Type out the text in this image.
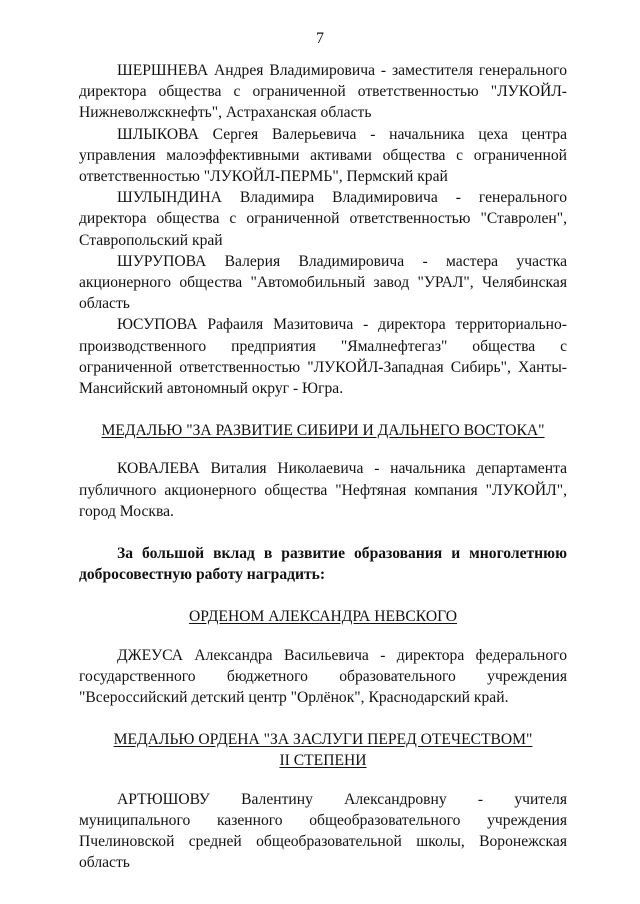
7

ШЕРШНЕВА Андрея Владимировича - заместителя генерального директора общества с ограниченной ответственностью "ЛУКОЙЛ-Нижневолжскнефть", Астраханская область

ШЛЫКОВА Сергея Валерьевича - начальника цеха центра управления малоэффективными активами общества с ограниченной ответственностью "ЛУКОЙЛ-ПЕРМЬ", Пермский край

ШУЛЫНДИНА Владимира Владимировича - генерального директора общества с ограниченной ответственностью "Ставролен", Ставропольский край

ШУРУПОВА Валерия Владимировича - мастера участка акционерного общества "Автомобильный завод "УРАЛ", Челябинская область

ЮСУПОВА Рафаиля Мазитовича - директора территориально-производственного предприятия "Ямалнефтегаз" общества с ограниченной ответственностью "ЛУКОЙЛ-Западная Сибирь", Ханты-Мансийский автономный округ - Югра.

МЕДАЛЬЮ "ЗА РАЗВИТИЕ СИБИРИ И ДАЛЬНЕГО ВОСТОКА"

КОВАЛЕВА Виталия Николаевича - начальника департамента публичного акционерного общества "Нефтяная компания "ЛУКОЙЛ", город Москва.

За большой вклад в развитие образования и многолетнюю добросовестную работу наградить:

ОРДЕНОМ АЛЕКСАНДРА НЕВСКОГО

ДЖЕУСА Александра Васильевича - директора федерального государственного бюджетного образовательного учреждения "Всероссийский детский центр "Орлёнок", Краснодарский край.

МЕДАЛЬЮ ОРДЕНА "ЗА ЗАСЛУГИ ПЕРЕД ОТЕЧЕСТВОМ"

II СТЕПЕНИ

АРТЮШОВУ Валентину Александровну - учителя муниципального казенного общеобразовательного учреждения Пчелиновской средней общеобразовательной школы, Воронежская область
